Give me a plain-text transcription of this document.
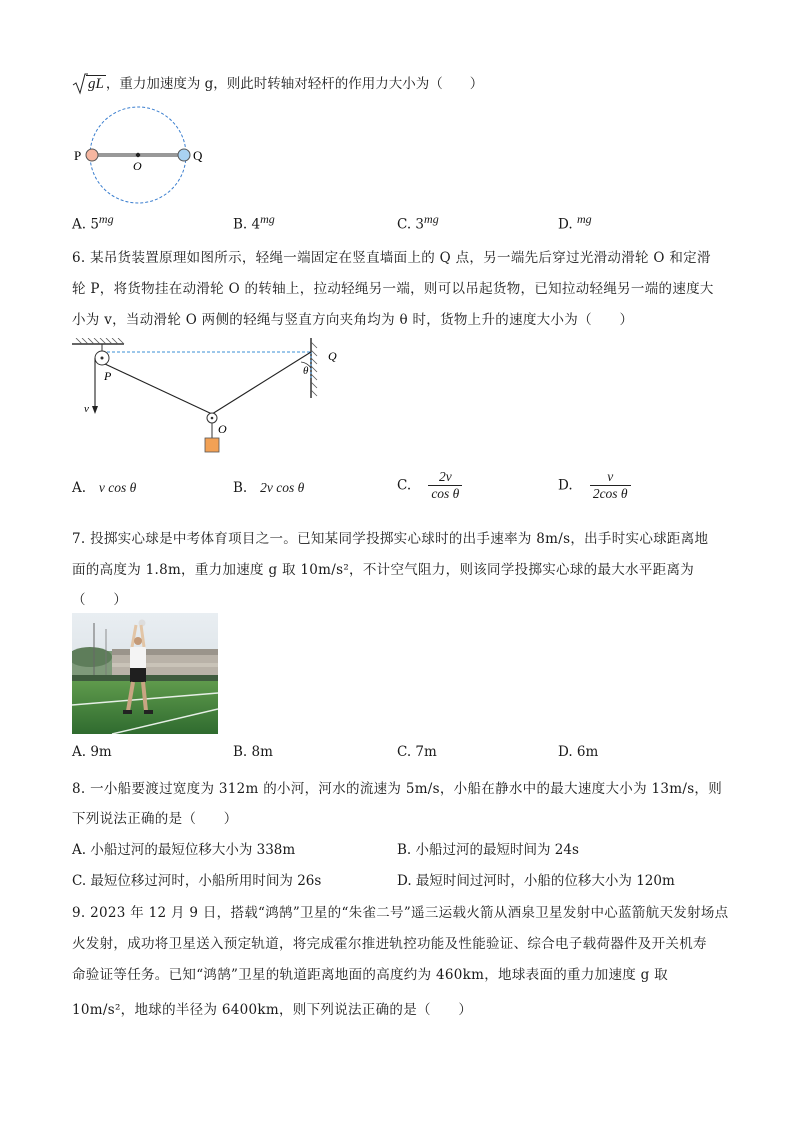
gL ，重力加速度为 g，则此时转轴对轻杆的作用力大小为（　　）
P	Q
O
A. $5^{mg}$	B. $4^{mg}$	C. $3^{mg}$	D. $^{mg}$
6. 某吊货装置原理如图所示，轻绳一端固定在竖直墙面上的 Q 点，另一端先后穿过光滑动滑轮 O 和定滑
轮 P，将货物挂在动滑轮 O 的转轴上，拉动轻绳另一端，则可以吊起货物，已知拉动轻绳另一端的速度大
小为 v，当动滑轮 O 两侧的轻绳与竖直方向夹角均为 θ 时，货物上升的速度大小为（　　）
P
Q
O
v
θ
A. v cos θ	B. 2v cos θ	C. $\frac{2v}{\text{cos θ}}$	D. $\frac{v}{\text{2cos θ}}$
7. 投掷实心球是中考体育项目之一。已知某同学投掷实心球时的出手速率为 8m/s，出手时实心球距离地
面的高度为 1.8m，重力加速度 g 取 10m/s²，不计空气阻力，则该同学投掷实心球的最大水平距离为
（　　）
A. 9m	B. 8m	C. 7m	D. 6m
8. 一小船要渡过宽度为 312m 的小河，河水的流速为 5m/s，小船在静水中的最大速度大小为 13m/s，则
下列说法正确的是（　　）
A. 小船过河的最短位移大小为 338m	B. 小船过河的最短时间为 24s
C. 最短位移过河时，小船所用时间为 26s	D. 最短时间过河时，小船的位移大小为 120m
9. 2023 年 12 月 9 日，搭载“鸿鹄”卫星的“朱雀二号”遥三运载火箭从酒泉卫星发射中心蓝箭航天发射场点
火发射，成功将卫星送入预定轨道，将完成霍尔推进轨控功能及性能验证、综合电子载荷器件及开关机寿
命验证等任务。已知“鸿鹄”卫星的轨道距离地面的高度约为 460km，地球表面的重力加速度 g 取
10m/s²，地球的半径为 6400km，则下列说法正确的是（　　）
